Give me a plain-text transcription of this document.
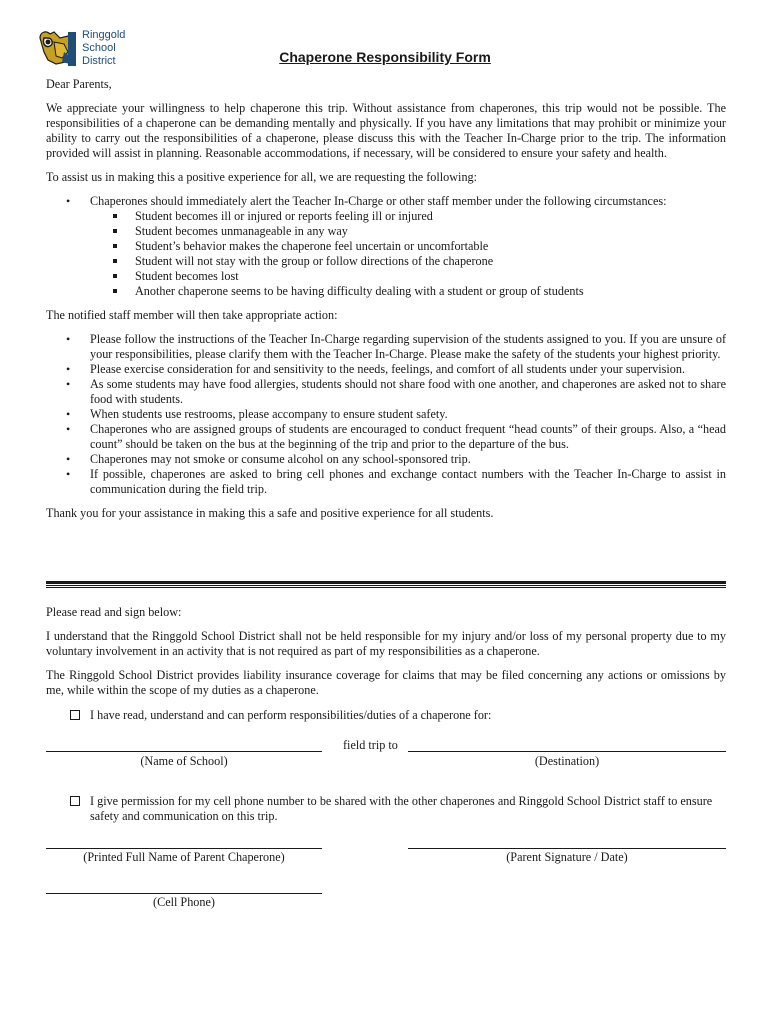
Ringgold
School
District	Chaperone Responsibility Form

Dear Parents,

We appreciate your willingness to help chaperone this trip. Without assistance from chaperones, this trip would not be possible. The responsibilities of a chaperone can be demanding mentally and physically. If you have any limitations that may prohibit or minimize your ability to carry out the responsibilities of a chaperone, please discuss this with the Teacher In-Charge prior to the trip. The information provided will assist in planning. Reasonable accommodations, if necessary, will be considered to ensure your safety and health.

To assist us in making this a positive experience for all, we are requesting the following:

• Chaperones should immediately alert the Teacher In-Charge or other staff member under the following circumstances:
Student becomes ill or injured or reports feeling ill or injured
Student becomes unmanageable in any way
Student’s behavior makes the chaperone feel uncertain or uncomfortable
Student will not stay with the group or follow directions of the chaperone
Student becomes lost
Another chaperone seems to be having difficulty dealing with a student or group of students

The notified staff member will then take appropriate action:

• Please follow the instructions of the Teacher In-Charge regarding supervision of the students assigned to you. If you are unsure of your responsibilities, please clarify them with the Teacher In-Charge. Please make the safety of the students your highest priority.
• Please exercise consideration for and sensitivity to the needs, feelings, and comfort of all students under your supervision.
• As some students may have food allergies, students should not share food with one another, and chaperones are asked not to share food with students.
• When students use restrooms, please accompany to ensure student safety.
• Chaperones who are assigned groups of students are encouraged to conduct frequent “head counts” of their groups. Also, a “head count” should be taken on the bus at the beginning of the trip and prior to the departure of the bus.
• Chaperones may not smoke or consume alcohol on any school-sponsored trip.
• If possible, chaperones are asked to bring cell phones and exchange contact numbers with the Teacher In-Charge to assist in communication during the field trip.

Thank you for your assistance in making this a safe and positive experience for all students.

Please read and sign below:

I understand that the Ringgold School District shall not be held responsible for my injury and/or loss of my personal property due to my voluntary involvement in an activity that is not required as part of my responsibilities as a chaperone.

The Ringgold School District provides liability insurance coverage for claims that may be filed concerning any actions or omissions by me, while within the scope of my duties as a chaperone.

I have read, understand and can perform responsibilities/duties of a chaperone for:
field trip to
(Name of School)	(Destination)
I give permission for my cell phone number to be shared with the other chaperones and Ringgold School District staff to ensure safety and communication on this trip.
(Printed Full Name of Parent Chaperone)	(Parent Signature / Date)
(Cell Phone)
